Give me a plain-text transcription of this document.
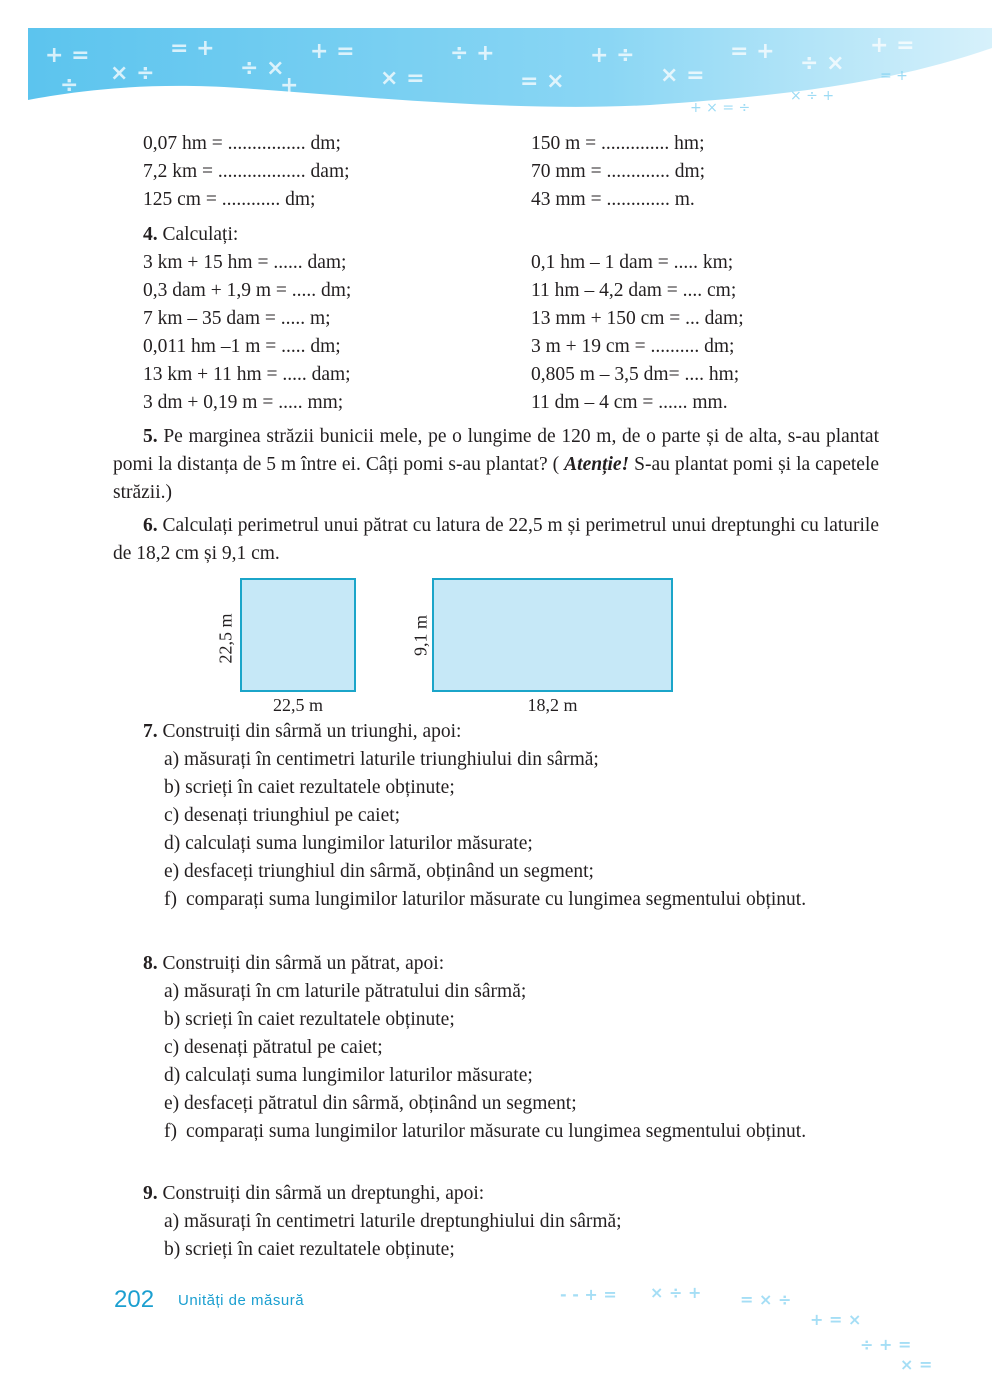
+ =
× ÷
= +
÷ ×
+ =
× =
÷ +
= ×
+ ÷
× =
= + ÷ ×
+ =
÷	+
+ × = ÷
× ÷ +
= +
0,07 hm = ................ dm;
7,2 km = .................. dam;
125 cm = ............ dm;
150 m = .............. hm;
70 mm = ............. dm;
43 mm = ............. m.
4. Calculați:
3 km + 15 hm = ...... dam;
0,3 dam + 1,9 m = ..... dm;
7 km – 35 dam = ..... m;
0,011 hm –1 m = ..... dm;
13 km + 11 hm = ..... dam;
3 dm + 0,19 m = ..... mm;
0,1 hm – 1 dam = ..... km;
11 hm – 4,2 dam = .... cm;
13 mm + 150 cm = ... dam;
3 m + 19 cm = .......... dm;
0,805 m – 3,5 dm= .... hm;
11 dm – 4 cm = ...... mm.
5. Pe marginea străzii bunicii mele, pe o lungime de 120 m, de o parte și de alta, s-au plantat pomi la distanța de 5 m între ei. Câți pomi s-au plantat? ( Atenție! S-au plantat pomi și la capetele străzii.)
6. Calculați perimetrul unui pătrat cu latura de 22,5 m și perimetrul unui dreptunghi cu laturile de 18,2 cm și 9,1 cm.
22,5 m
22,5 m
9,1 m
18,2 m
7. Construiți din sârmă un triunghi, apoi:
a) măsurați în centimetri laturile triunghiului din sârmă;
b) scrieți în caiet rezultatele obținute;
c) desenați triunghiul pe caiet;
d) calculați suma lungimilor laturilor măsurate;
e) desfaceți triunghiul din sârmă, obținând un segment;
f) comparați suma lungimilor laturilor măsurate cu lungimea segmentului obținut.
8. Construiți din sârmă un pătrat, apoi:
a) măsurați în cm laturile pătratului din sârmă;
b) scrieți în caiet rezultatele obținute;
c) desenați pătratul pe caiet;
d) calculați suma lungimilor laturilor măsurate;
e) desfaceți pătratul din sârmă, obținând un segment;
f) comparați suma lungimilor laturilor măsurate cu lungimea segmentului obținut.
9. Construiți din sârmă un dreptunghi, apoi:
a) măsurați în centimetri laturile dreptunghiului din sârmă;
b) scrieți în caiet rezultatele obținute;
- - + = × ÷ + = × ÷
+ = ×
÷ + =
× =
202 Unități de măsură
